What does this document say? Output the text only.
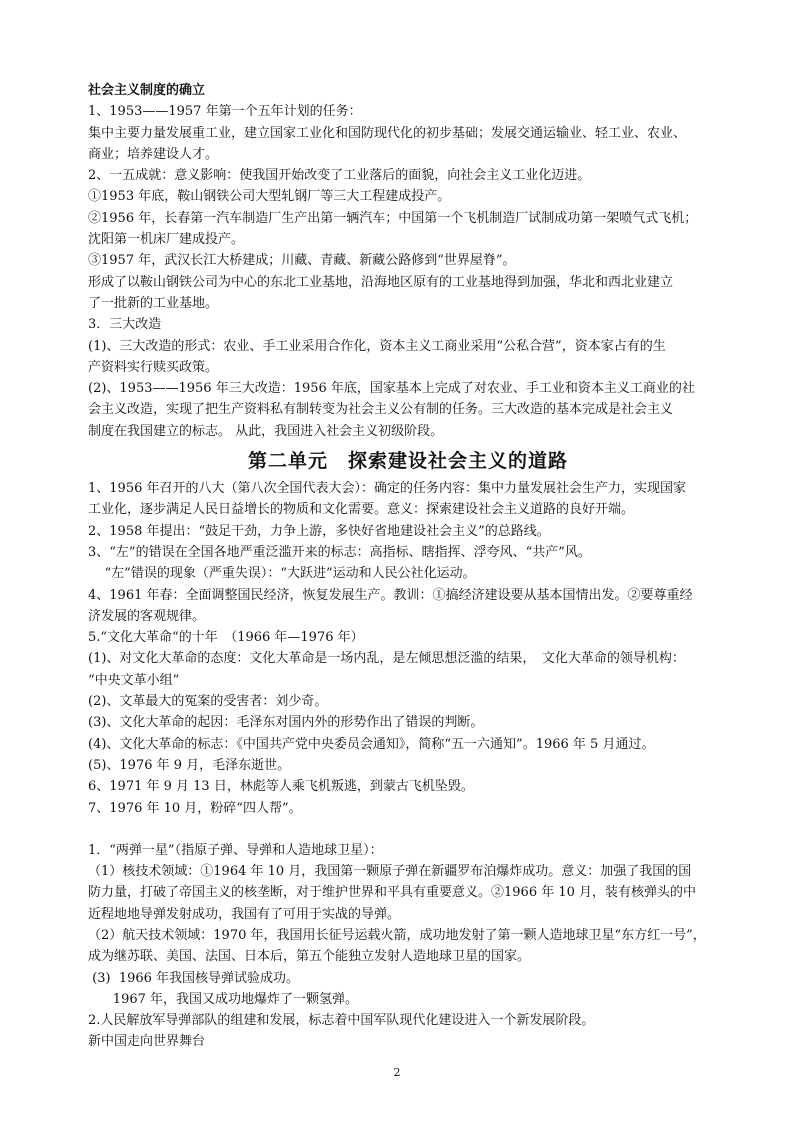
社会主义制度的确立

1、1953——1957 年第一个五年计划的任务：

集中主要力量发展重工业，建立国家工业化和国防现代化的初步基础；发展交通运输业、轻工业、农业、

商业；培养建设人才。

2、一五成就：意义影响：使我国开始改变了工业落后的面貌，向社会主义工业化迈进。

①1953 年底，鞍山钢铁公司大型轧钢厂等三大工程建成投产。

②1956 年，长春第一汽车制造厂生产出第一辆汽车；中国第一个飞机制造厂试制成功第一架喷气式飞机；

沈阳第一机床厂建成投产。

③1957 年，武汉长江大桥建成；川藏、青藏、新藏公路修到“世界屋脊”。

形成了以鞍山钢铁公司为中心的东北工业基地，沿海地区原有的工业基地得到加强，华北和西北业建立

了一批新的工业基地。

3．三大改造

(1)、三大改造的形式：农业、手工业采用合作化，资本主义工商业采用“公私合营”，资本家占有的生

产资料实行赎买政策。

(2)、1953——1956 年三大改造：1956 年底，国家基本上完成了对农业、手工业和资本主义工商业的社

会主义改造，实现了把生产资料私有制转变为社会主义公有制的任务。三大改造的基本完成是社会主义

制度在我国建立的标志。 从此，我国进入社会主义初级阶段。

第二单元　探索建设社会主义的道路

1、1956 年召开的八大（第八次全国代表大会）：确定的任务内容：集中力量发展社会生产力，实现国家

工业化，逐步满足人民日益增长的物质和文化需要。意义：探索建设社会主义道路的良好开端。

2、1958 年提出：“鼓足干劲，力争上游，多快好省地建设社会主义”的总路线。

3、“左”的错误在全国各地严重泛滥开来的标志：高指标、瞎指挥、浮夸风、“共产”风。

“左”错误的现象（严重失误）：“大跃进”运动和人民公社化运动。

4、1961 年春：全面调整国民经济，恢复发展生产。教训：①搞经济建设要从基本国情出发。②要尊重经

济发展的客观规律。

5.“文化大革命“的十年　（1966 年—1976 年）

(1)、对文化大革命的态度：文化大革命是一场内乱，是左倾思想泛滥的结果，　文化大革命的领导机构：

“中央文革小组”

(2)、文革最大的冤案的受害者：刘少奇。

(3)、文化大革命的起因：毛泽东对国内外的形势作出了错误的判断。

(4)、文化大革命的标志：《中国共产党中央委员会通知》，简称“五一六通知”。1966 年 5 月通过。

(5)、1976 年 9 月，毛泽东逝世。

6、1971 年 9 月 13 日，林彪等人乘飞机叛逃，到蒙古飞机坠毁。

7、1976 年 10 月，粉碎“四人帮”。

1．“两弹一星”（指原子弹、导弹和人造地球卫星）：

（1）核技术领域：①1964 年 10 月，我国第一颗原子弹在新疆罗布泊爆炸成功。意义：加强了我国的国

防力量，打破了帝国主义的核垄断，对于维护世界和平具有重要意义。②1966 年 10 月，装有核弹头的中

近程地地导弹发射成功，我国有了可用于实战的导弹。

（2）航天技术领域：1970 年，我国用长征号运载火箭，成功地发射了第一颗人造地球卫星“东方红一号”，

成为继苏联、美国、法国、日本后，第五个能独立发射人造地球卫星的国家。

(3)  1966 年我国核导弹试验成功。

1967 年，我国又成功地爆炸了一颗氢弹。

2.人民解放军导弹部队的组建和发展，标志着中国军队现代化建设进入一个新发展阶段。

新中国走向世界舞台

2
